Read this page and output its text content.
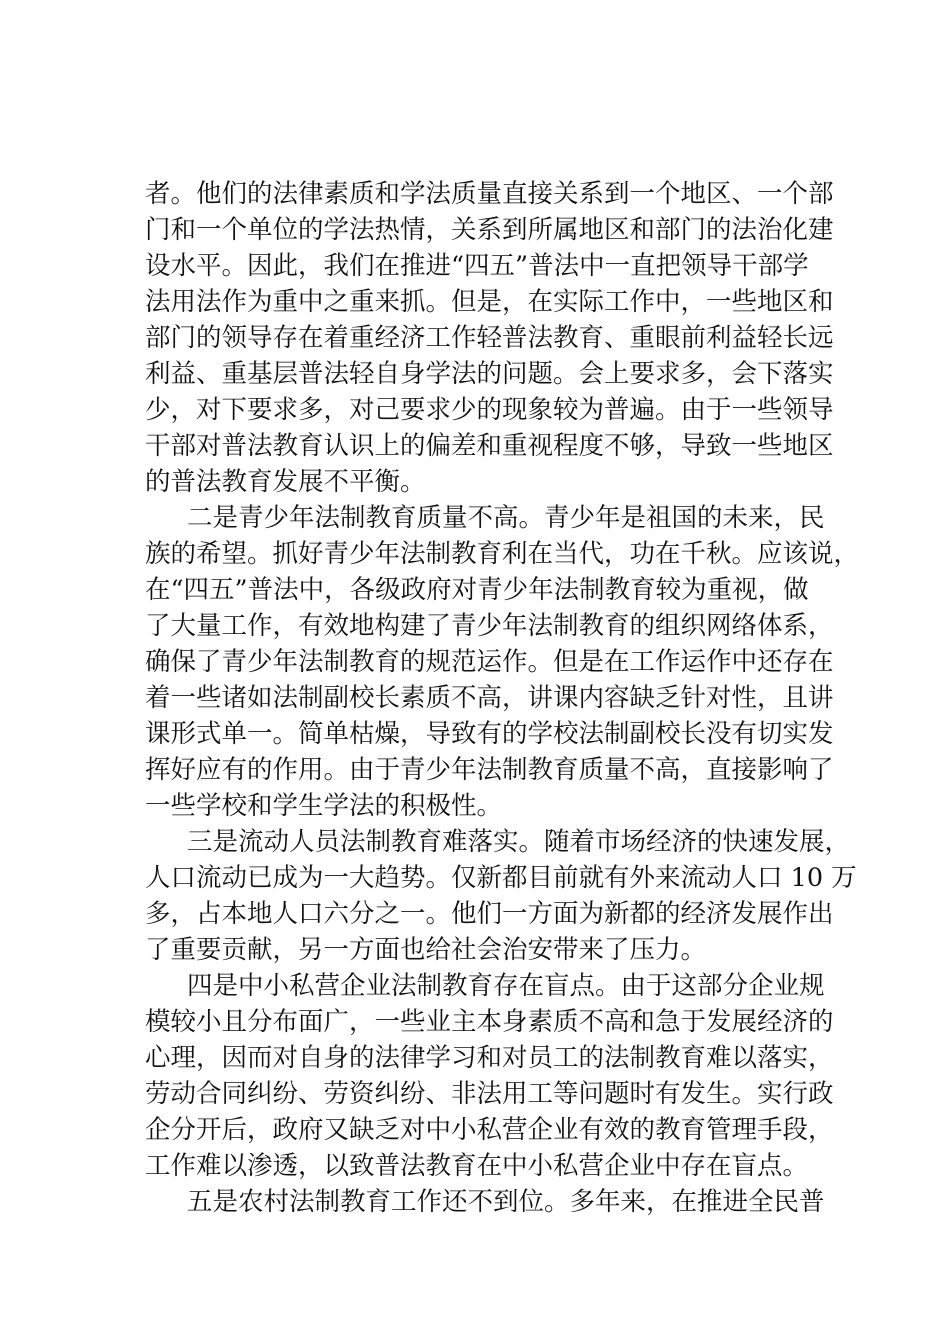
者。他们的法律素质和学法质量直接关系到一个地区、一个部
门和一个单位的学法热情，关系到所属地区和部门的法治化建
设水平。因此，我们在推进“四五”普法中一直把领导干部学
法用法作为重中之重来抓。但是，在实际工作中，一些地区和
部门的领导存在着重经济工作轻普法教育、重眼前利益轻长远
利益、重基层普法轻自身学法的问题。会上要求多，会下落实
少，对下要求多，对己要求少的现象较为普遍。由于一些领导
干部对普法教育认识上的偏差和重视程度不够，导致一些地区
的普法教育发展不平衡。
二是青少年法制教育质量不高。青少年是祖国的未来，民
族的希望。抓好青少年法制教育利在当代，功在千秋。应该说，
在“四五”普法中，各级政府对青少年法制教育较为重视，做
了大量工作，有效地构建了青少年法制教育的组织网络体系，
确保了青少年法制教育的规范运作。但是在工作运作中还存在
着一些诸如法制副校长素质不高，讲课内容缺乏针对性，且讲
课形式单一。简单枯燥，导致有的学校法制副校长没有切实发
挥好应有的作用。由于青少年法制教育质量不高，直接影响了
一些学校和学生学法的积极性。
三是流动人员法制教育难落实。随着市场经济的快速发展，
人口流动已成为一大趋势。仅新都目前就有外来流动人口 10 万
多，占本地人口六分之一。他们一方面为新都的经济发展作出
了重要贡献，另一方面也给社会治安带来了压力。
四是中小私营企业法制教育存在盲点。由于这部分企业规
模较小且分布面广，一些业主本身素质不高和急于发展经济的
心理，因而对自身的法律学习和对员工的法制教育难以落实，
劳动合同纠纷、劳资纠纷、非法用工等问题时有发生。实行政
企分开后，政府又缺乏对中小私营企业有效的教育管理手段，
工作难以渗透，以致普法教育在中小私营企业中存在盲点。
五是农村法制教育工作还不到位。多年来，在推进全民普
